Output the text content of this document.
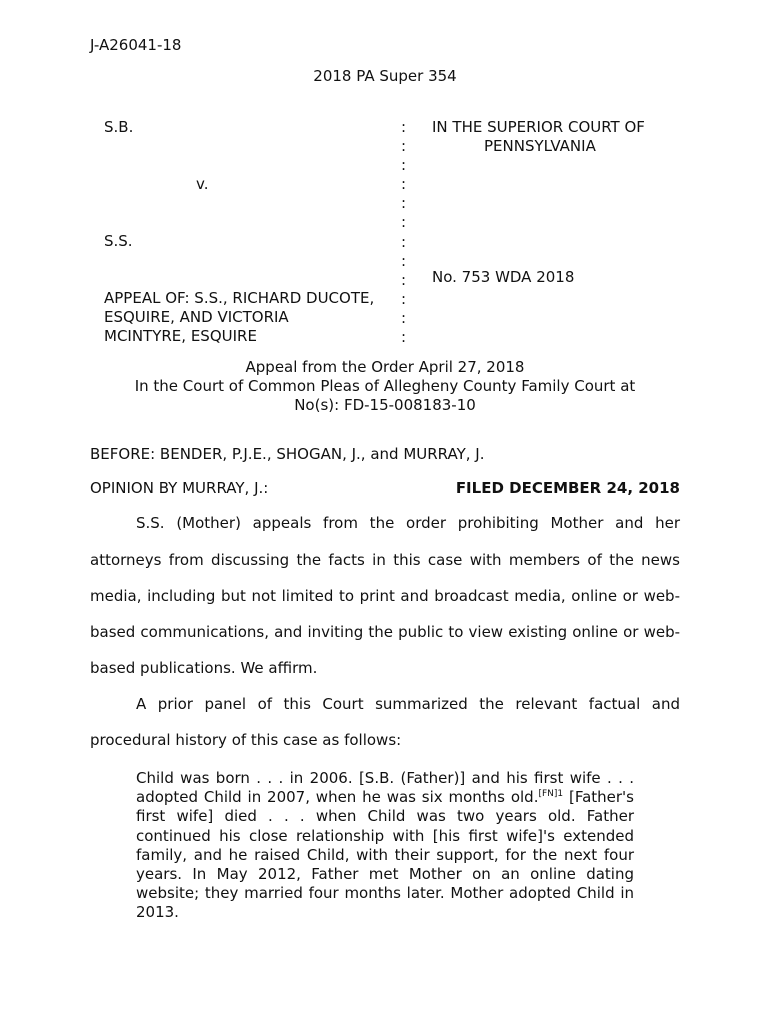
J-A26041-18
2018 PA Super 354
S.B.
v.
S.S.
APPEAL OF: S.S., RICHARD DUCOTE,
ESQUIRE, AND VICTORIA
MCINTYRE, ESQUIRE
:
:
:
:
:
:
:
:
:
:
:
:
IN THE SUPERIOR COURT OF
PENNSYLVANIA
No. 753 WDA 2018
Appeal from the Order April 27, 2018
In the Court of Common Pleas of Allegheny County Family Court at
No(s): FD-15-008183-10
BEFORE: BENDER, P.J.E., SHOGAN, J., and MURRAY, J.
OPINION BY MURRAY, J.:	FILED DECEMBER 24, 2018
S.S. (Mother) appeals from the order prohibiting Mother and her
attorneys from discussing the facts in this case with members of the news
media, including but not limited to print and broadcast media, online or web-
based communications, and inviting the public to view existing online or web-
based publications. We affirm.
A prior panel of this Court summarized the relevant factual and
procedural history of this case as follows:
Child was born . . . in 2006. [S.B. (Father)] and his first wife . . .
adopted Child in 2007, when he was six months old.$^{[FN]1}$ [Father's
first wife] died . . . when Child was two years old. Father
continued his close relationship with [his first wife]'s extended
family, and he raised Child, with their support, for the next four
years. In May 2012, Father met Mother on an online dating
website; they married four months later. Mother adopted Child in
2013.
